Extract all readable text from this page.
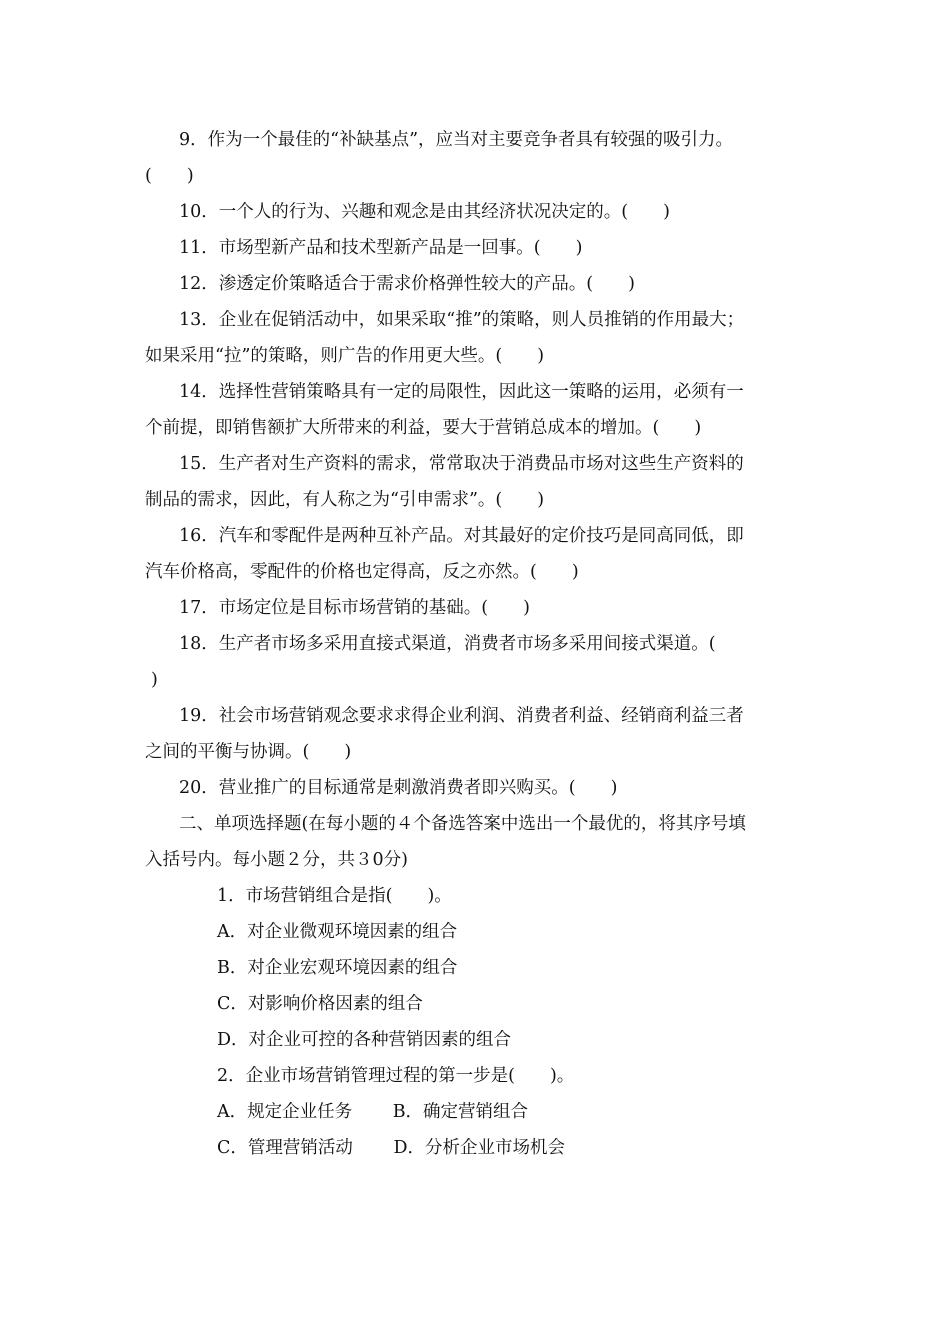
9．作为一个最佳的“补缺基点”，应当对主要竞争者具有较强的吸引力。
(　　)
10．一个人的行为、兴趣和观念是由其经济状况决定的。(　　)
11．市场型新产品和技术型新产品是一回事。(　　)
12．渗透定价策略适合于需求价格弹性较大的产品。(　　)
13．企业在促销活动中，如果采取“推”的策略，则人员推销的作用最大；
如果采用“拉”的策略，则广告的作用更大些。(　　)
14．选择性营销策略具有一定的局限性，因此这一策略的运用，必须有一
个前提，即销售额扩大所带来的利益，要大于营销总成本的增加。(　　)
15．生产者对生产资料的需求，常常取决于消费品市场对这些生产资料的
制品的需求，因此，有人称之为“引申需求”。(　　)
16．汽车和零配件是两种互补产品。对其最好的定价技巧是同高同低，即
汽车价格高，零配件的价格也定得高，反之亦然。(　　)
17．市场定位是目标市场营销的基础。(　　)
18．生产者市场多采用直接式渠道，消费者市场多采用间接式渠道。(
)
19．社会市场营销观念要求求得企业利润、消费者利益、经销商利益三者
之间的平衡与协调。(　　)
20．营业推广的目标通常是刺激消费者即兴购买。(　　)
二、单项选择题(在每小题的４个备选答案中选出一个最优的，将其序号填
入括号内。每小题２分，共３0分)
1．市场营销组合是指(　　)。
A．对企业微观环境因素的组合
B．对企业宏观环境因素的组合
C．对影响价格因素的组合
D．对企业可控的各种营销因素的组合
2．企业市场营销管理过程的第一步是(　　)。
A．规定企业任务　　 B．确定营销组合
C．管理营销活动　　 D．分析企业市场机会
